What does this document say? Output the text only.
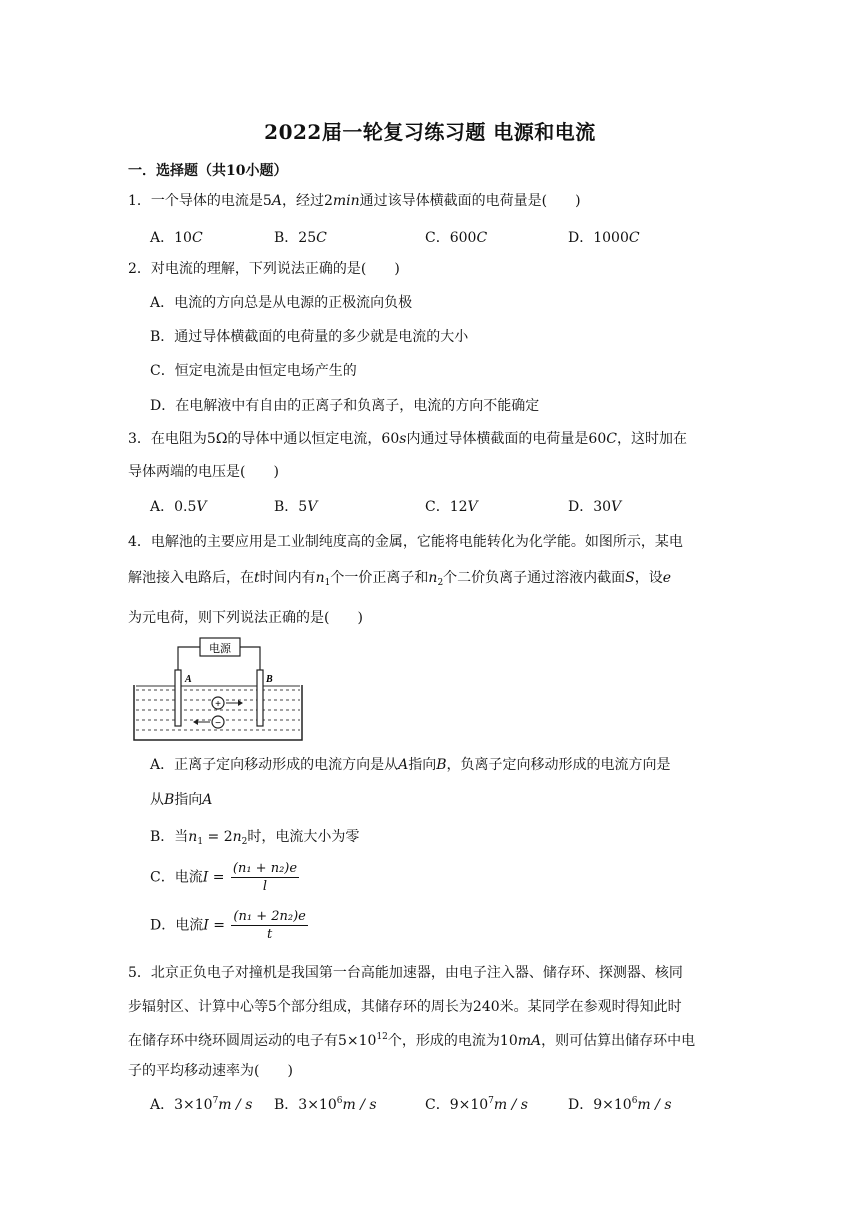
2022届一轮复习练习题 电源和电流
一．选择题（共10小题）
1．一个导体的电流是5A，经过2min通过该导体横截面的电荷量是(　　)
A．10C	B．25C	C．600C	D．1000C
2．对电流的理解，下列说法正确的是(　　)
A．电流的方向总是从电源的正极流向负极
B．通过导体横截面的电荷量的多少就是电流的大小
C．恒定电流是由恒定电场产生的
D．在电解液中有自由的正离子和负离子，电流的方向不能确定
3．在电阻为5Ω的导体中通以恒定电流，60s内通过导体横截面的电荷量是60C，这时加在
导体两端的电压是(　　)
A．0.5V	B．5V	C．12V	D．30V
4．电解池的主要应用是工业制纯度高的金属，它能将电能转化为化学能。如图所示，某电
解池接入电路后，在t时间内有$n_1$个一价正离子和$n_2$个二价负离子通过溶液内截面S，设e
为元电荷，则下列说法正确的是(　　)
电源
A	B
+
−
A．正离子定向移动形成的电流方向是从A指向B，负离子定向移动形成的电流方向是
从B指向A
B．当$n_1 = 2n_2$时，电流大小为零
C．电流$I = \frac{\text{(n₁ + n₂)e}}{l}$
D．电流$I = \frac{\text{(n₁ + 2n₂)e}}{t}$
5．北京正负电子对撞机是我国第一台高能加速器，由电子注入器、储存环、探测器、核同
步辐射区、计算中心等5个部分组成，其储存环的周长为240米。某同学在参观时得知此时
在储存环中绕环圆周运动的电子有$5\times 10^{12}$个，形成的电流为10mA，则可估算出储存环中电
子的平均移动速率为(　　)
A．$3\times 10^7m / s$ B．$3\times 10^6m / s$	C．$9\times 10^7m / s$	D．$9\times 10^6m / s$
